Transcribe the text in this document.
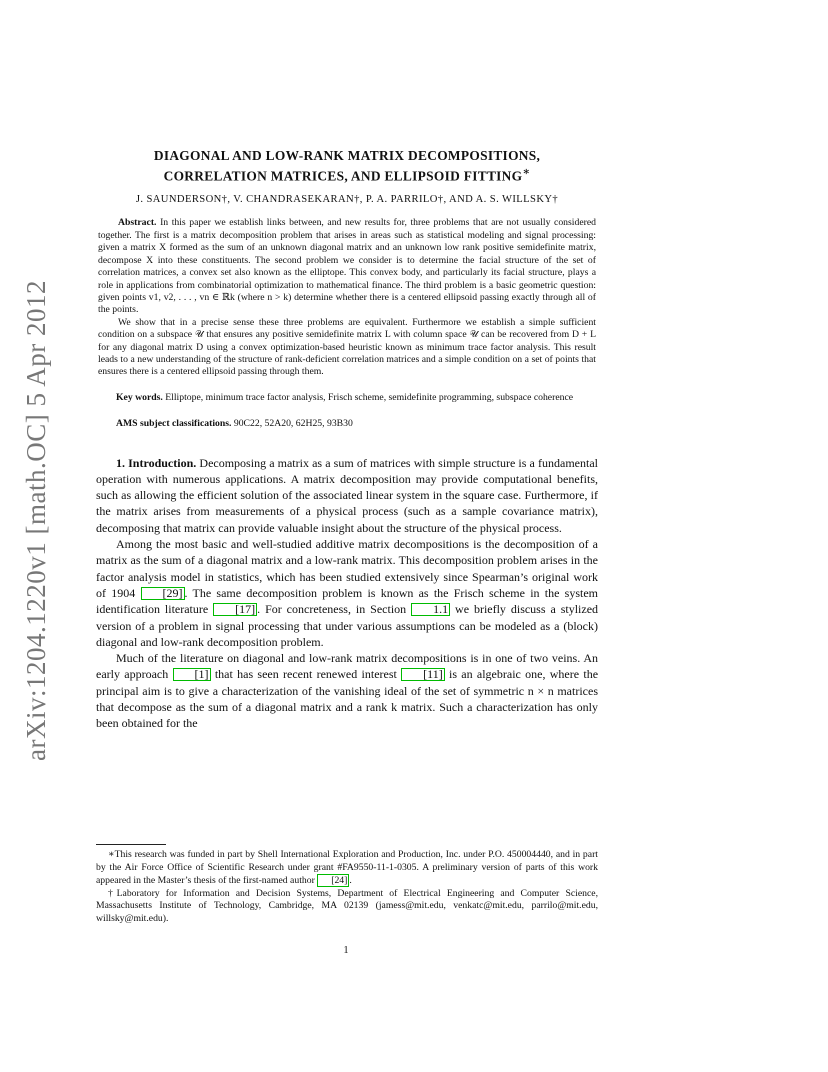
arXiv:1204.1220v1 [math.OC] 5 Apr 2012
DIAGONAL AND LOW-RANK MATRIX DECOMPOSITIONS,
CORRELATION MATRICES, AND ELLIPSOID FITTING∗
J. SAUNDERSON†, V. CHANDRASEKARAN†, P. A. PARRILO†, AND A. S. WILLSKY†

Abstract. In this paper we establish links between, and new results for, three problems that are not usually considered together. The first is a matrix decomposition problem that arises in areas such as statistical modeling and signal processing: given a matrix X formed as the sum of an unknown diagonal matrix and an unknown low rank positive semidefinite matrix, decompose X into these constituents. The second problem we consider is to determine the facial structure of the set of correlation matrices, a convex set also known as the elliptope. This convex body, and particularly its facial structure, plays a role in applications from combinatorial optimization to mathematical finance. The third problem is a basic geometric question: given points v1, v2, . . . , vn ∈ ℝk (where n > k) determine whether there is a centered ellipsoid passing exactly through all of the points.

We show that in a precise sense these three problems are equivalent. Furthermore we establish a simple sufficient condition on a subspace 𝒰 that ensures any positive semidefinite matrix L with column space 𝒰 can be recovered from D + L for any diagonal matrix D using a convex optimization-based heuristic known as minimum trace factor analysis. This result leads to a new understanding of the structure of rank-deficient correlation matrices and a simple condition on a set of points that ensures there is a centered ellipsoid passing through them.

Key words. Elliptope, minimum trace factor analysis, Frisch scheme, semidefinite programming, subspace coherence
AMS subject classifications. 90C22, 52A20, 62H25, 93B30

1. Introduction. Decomposing a matrix as a sum of matrices with simple structure is a fundamental operation with numerous applications. A matrix decomposition may provide computational benefits, such as allowing the efficient solution of the associated linear system in the square case. Furthermore, if the matrix arises from measurements of a physical process (such as a sample covariance matrix), decomposing that matrix can provide valuable insight about the structure of the physical process.

Among the most basic and well-studied additive matrix decompositions is the decomposition of a matrix as the sum of a diagonal matrix and a low-rank matrix. This decomposition problem arises in the factor analysis model in statistics, which has been studied extensively since Spearman’s original work of 1904 [29] . The same decomposition problem is known as the Frisch scheme in the system identification literature [17] . For concreteness, in Section 1.1 we briefly discuss a stylized version of a problem in signal processing that under various assumptions can be modeled as a (block) diagonal and low-rank decomposition problem.

Much of the literature on diagonal and low-rank matrix decompositions is in one of two veins. An early approach [1] that has seen recent renewed interest [11] is an algebraic one, where the principal aim is to give a characterization of the vanishing ideal of the set of symmetric n × n matrices that decompose as the sum of a diagonal matrix and a rank k matrix. Such a characterization has only been obtained for the

∗This research was funded in part by Shell International Exploration and Production, Inc. under P.O. 450004440, and in part by the Air Force Office of Scientific Research under grant #FA9550-11-1-0305. A preliminary version of parts of this work appeared in the Master’s thesis of the first-named author [24] .

†Laboratory for Information and Decision Systems, Department of Electrical Engineering and Computer Science, Massachusetts Institute of Technology, Cambridge, MA 02139 (jamess@mit.edu, venkatc@mit.edu, parrilo@mit.edu, willsky@mit.edu).

1
